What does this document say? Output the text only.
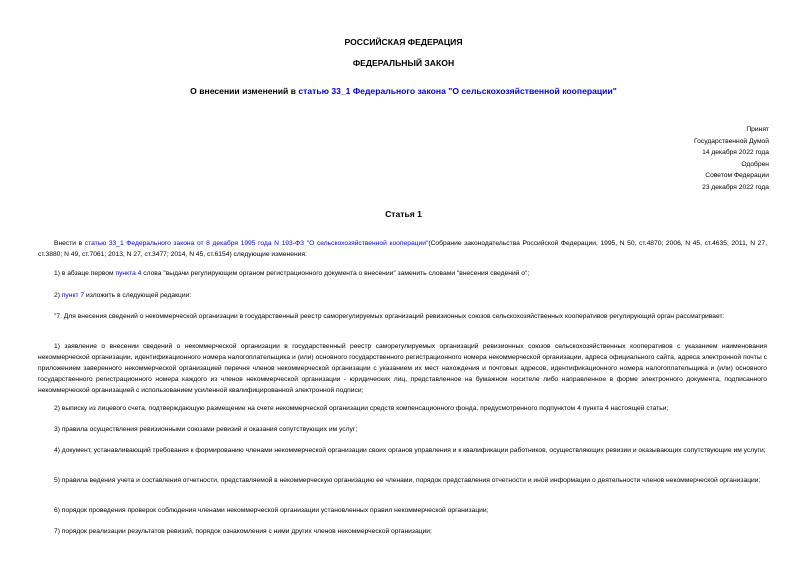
РОССИЙСКАЯ ФЕДЕРАЦИЯ
ФЕДЕРАЛЬНЫЙ ЗАКОН
О внесении изменений в статью 33_1 Федерального закона "О сельскохозяйственной кооперации"
Принят
Государственной Думой
14 декабря 2022 года
Одобрен
Советом Федерации
23 декабря 2022 года
Статья 1

Внести в статью 33_1 Федерального закона от 8 декабря 1995 года N 193-ФЗ "О сельскохозяйственной кооперации"(Собрание законодательства Российской Федерации, 1995, N 50, ст.4870; 2006, N 45, ст.4635; 2011, N 27, ст.3880; N 49, ст.7061; 2013, N 27, ст.3477; 2014, N 45, ст.6154) следующие изменения:

1) в абзаце первом пункта 4 слова "выдачи регулирующим органом регистрационного документа о внесении" заменить словами "внесения сведений о";

2) пункт 7 изложить в следующей редакции:

"7. Для внесения сведений о некоммерческой организации в государственный реестр саморегулируемых организаций ревизионных союзов сельскохозяйственных кооперативов регулирующий орган рассматривает:

1) заявление о внесении сведений о некоммерческой организации в государственный реестр саморегулируемых организаций ревизионных союзов сельскохозяйственных кооперативов с указанием наименования некоммерческой организации, идентификационного номера налогоплательщика и (или) основного государственного регистрационного номера некоммерческой организации, адреса официального сайта, адреса электронной почты с приложением заверенного некоммерческой организацией перечня членов некоммерческой организации с указанием их мест нахождения и почтовых адресов, идентификационного номера налогоплательщика и (или) основного государственного регистрационного номера каждого из членов некоммерческой организации - юридических лиц, представленное на бумажном носителе либо направленное в форме электронного документа, подписанного некоммерческой организацией с использованием усиленной квалифицированной электронной подписи;

2) выписку из лицевого счета, подтверждающую размещение на счете некоммерческой организации средств компенсационного фонда, предусмотренного подпунктом 4 пункта 4 настоящей статьи;

3) правила осуществления ревизионными союзами ревизий и оказания сопутствующих им услуг;

4) документ, устанавливающий требования к формированию членами некоммерческой организации своих органов управления и к квалификации работников, осуществляющих ревизии и оказывающих сопутствующие им услуги;

5) правила ведения учета и составления отчетности, представляемой в некоммерческую организацию ее членами, порядок представления отчетности и иной информации о деятельности членов некоммерческой организации;

6) порядок проведения проверок соблюдения членами некоммерческой организации установленных правил некоммерческой организации;

7) порядок реализации результатов ревизий, порядок ознакомления с ними других членов некоммерческой организации;
